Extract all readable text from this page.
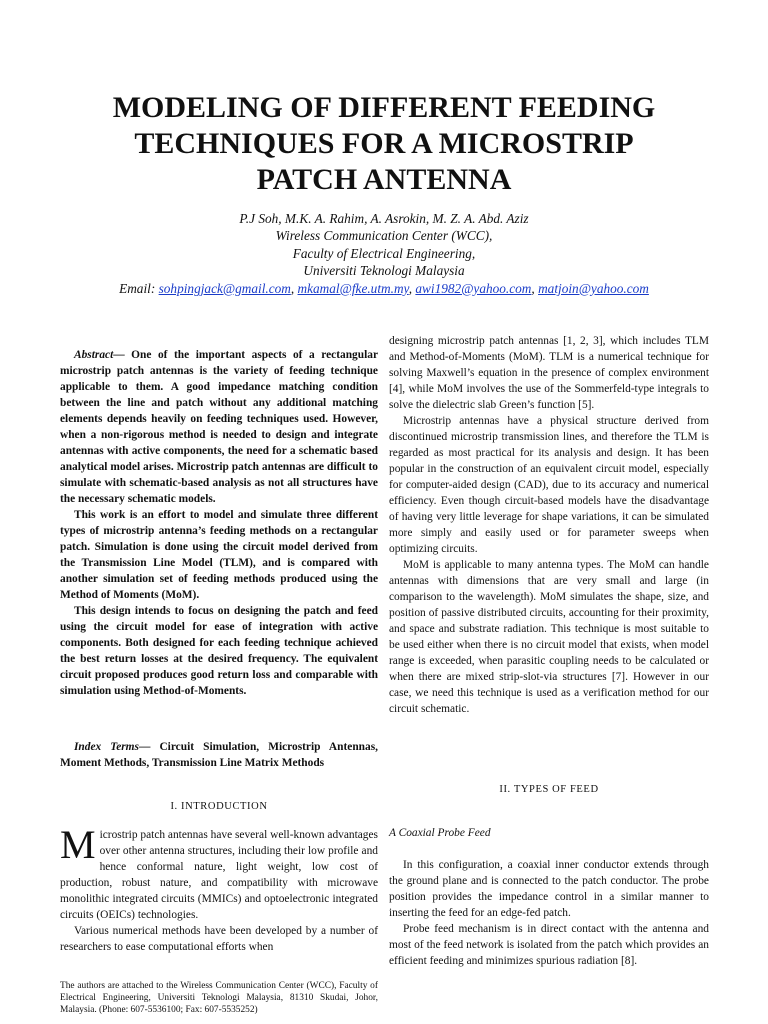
MODELING OF DIFFERENT FEEDING
TECHNIQUES FOR A MICROSTRIP
PATCH ANTENNA
P.J Soh, M.K. A. Rahim, A. Asrokin, M. Z. A. Abd. Aziz
Wireless Communication Center (WCC),
Faculty of Electrical Engineering,
Universiti Teknologi Malaysia
Email: sohpingjack@gmail.com, mkamal@fke.utm.my, awi1982@yahoo.com, matjoin@yahoo.com

Abstract— One of the important aspects of a rectangular microstrip patch antennas is the variety of feeding technique applicable to them. A good impedance matching condition between the line and patch without any additional matching elements depends heavily on feeding techniques used. However, when a non-rigorous method is needed to design and integrate antennas with active components, the need for a schematic based analytical model arises. Microstrip patch antennas are difficult to simulate with schematic-based analysis as not all structures have the necessary schematic models.

This work is an effort to model and simulate three different types of microstrip antenna’s feeding methods on a rectangular patch. Simulation is done using the circuit model derived from the Transmission Line Model (TLM), and is compared with another simulation set of feeding methods produced using the Method of Moments (MoM).

This design intends to focus on designing the patch and feed using the circuit model for ease of integration with active components. Both designed for each feeding technique achieved the best return losses at the desired frequency. The equivalent circuit proposed produces good return loss and comparable with simulation using Method-of-Moments.

Index Terms— Circuit Simulation, Microstrip Antennas, Moment Methods, Transmission Line Matrix Methods

I. INTRODUCTION

Microstrip patch antennas have several well-known advantages over other antenna structures, including their low profile and hence conformal nature, light weight, low cost of production, robust nature, and compatibility with microwave monolithic integrated circuits (MMICs) and optoelectronic integrated circuits (OEICs) technologies.

Various numerical methods have been developed by a number of researchers to ease computational efforts when

The authors are attached to the Wireless Communication Center (WCC), Faculty of Electrical Engineering, Universiti Teknologi Malaysia, 81310 Skudai, Johor, Malaysia. (Phone: 607-5536100; Fax: 607-5535252)

designing microstrip patch antennas [1, 2, 3], which includes TLM and Method-of-Moments (MoM). TLM is a numerical technique for solving Maxwell’s equation in the presence of complex environment [4], while MoM involves the use of the Sommerfeld-type integrals to solve the dielectric slab Green’s function [5].

Microstrip antennas have a physical structure derived from discontinued microstrip transmission lines, and therefore the TLM is regarded as most practical for its analysis and design. It has been popular in the construction of an equivalent circuit model, especially for computer-aided design (CAD), due to its accuracy and numerical efficiency. Even though circuit-based models have the disadvantage of having very little leverage for shape variations, it can be simulated more simply and easily used or for parameter sweeps when optimizing circuits.

MoM is applicable to many antenna types. The MoM can handle antennas with dimensions that are very small and large (in comparison to the wavelength). MoM simulates the shape, size, and position of passive distributed circuits, accounting for their proximity, and space and substrate radiation. This technique is most suitable to be used either when there is no circuit model that exists, when model range is exceeded, when parasitic coupling needs to be calculated or when there are mixed strip-slot-via structures [7]. However in our case, we need this technique is used as a verification method for our circuit schematic.

II. TYPES OF FEED

A Coaxial Probe Feed

In this configuration, a coaxial inner conductor extends through the ground plane and is connected to the patch conductor. The probe position provides the impedance control in a similar manner to inserting the feed for an edge-fed patch.

Probe feed mechanism is in direct contact with the antenna and most of the feed network is isolated from the patch which provides an efficient feeding and minimizes spurious radiation [8].
